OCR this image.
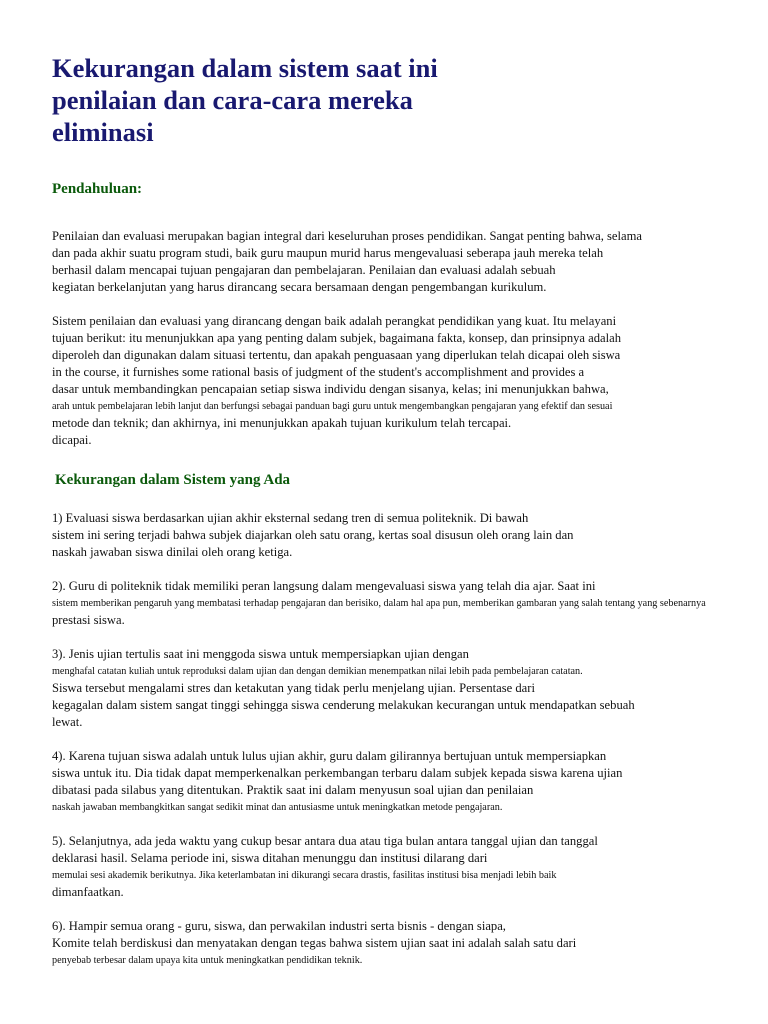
Kekurangan dalam sistem saat ini
penilaian dan cara-cara mereka
eliminasi
Pendahuluan:

Penilaian dan evaluasi merupakan bagian integral dari keseluruhan proses pendidikan. Sangat penting bahwa, selama
dan pada akhir suatu program studi, baik guru maupun murid harus mengevaluasi seberapa jauh mereka telah
berhasil dalam mencapai tujuan pengajaran dan pembelajaran. Penilaian dan evaluasi adalah sebuah
kegiatan berkelanjutan yang harus dirancang secara bersamaan dengan pengembangan kurikulum.

Sistem penilaian dan evaluasi yang dirancang dengan baik adalah perangkat pendidikan yang kuat. Itu melayani
tujuan berikut: itu menunjukkan apa yang penting dalam subjek, bagaimana fakta, konsep, dan prinsipnya adalah
diperoleh dan digunakan dalam situasi tertentu, dan apakah penguasaan yang diperlukan telah dicapai oleh siswa
in the course, it furnishes some rational basis of judgment of the student's accomplishment and provides a
dasar untuk membandingkan pencapaian setiap siswa individu dengan sisanya, kelas; ini menunjukkan bahwa,
arah untuk pembelajaran lebih lanjut dan berfungsi sebagai panduan bagi guru untuk mengembangkan pengajaran yang efektif dan sesuai
metode dan teknik; dan akhirnya, ini menunjukkan apakah tujuan kurikulum telah tercapai.
dicapai.

Kekurangan dalam Sistem yang Ada

1) Evaluasi siswa berdasarkan ujian akhir eksternal sedang tren di semua politeknik. Di bawah
sistem ini sering terjadi bahwa subjek diajarkan oleh satu orang, kertas soal disusun oleh orang lain dan
naskah jawaban siswa dinilai oleh orang ketiga.

2). Guru di politeknik tidak memiliki peran langsung dalam mengevaluasi siswa yang telah dia ajar. Saat ini
sistem memberikan pengaruh yang membatasi terhadap pengajaran dan berisiko, dalam hal apa pun, memberikan gambaran yang salah tentang yang sebenarnya
prestasi siswa.

3). Jenis ujian tertulis saat ini menggoda siswa untuk mempersiapkan ujian dengan
menghafal catatan kuliah untuk reproduksi dalam ujian dan dengan demikian menempatkan nilai lebih pada pembelajaran catatan.
Siswa tersebut mengalami stres dan ketakutan yang tidak perlu menjelang ujian. Persentase dari
kegagalan dalam sistem sangat tinggi sehingga siswa cenderung melakukan kecurangan untuk mendapatkan sebuah
lewat.

4). Karena tujuan siswa adalah untuk lulus ujian akhir, guru dalam gilirannya bertujuan untuk mempersiapkan
siswa untuk itu. Dia tidak dapat memperkenalkan perkembangan terbaru dalam subjek kepada siswa karena ujian
dibatasi pada silabus yang ditentukan. Praktik saat ini dalam menyusun soal ujian dan penilaian
naskah jawaban membangkitkan sangat sedikit minat dan antusiasme untuk meningkatkan metode pengajaran.

5). Selanjutnya, ada jeda waktu yang cukup besar antara dua atau tiga bulan antara tanggal ujian dan tanggal
deklarasi hasil. Selama periode ini, siswa ditahan menunggu dan institusi dilarang dari
memulai sesi akademik berikutnya. Jika keterlambatan ini dikurangi secara drastis, fasilitas institusi bisa menjadi lebih baik
dimanfaatkan.

6). Hampir semua orang - guru, siswa, dan perwakilan industri serta bisnis - dengan siapa,
Komite telah berdiskusi dan menyatakan dengan tegas bahwa sistem ujian saat ini adalah salah satu dari
penyebab terbesar dalam upaya kita untuk meningkatkan pendidikan teknik.
